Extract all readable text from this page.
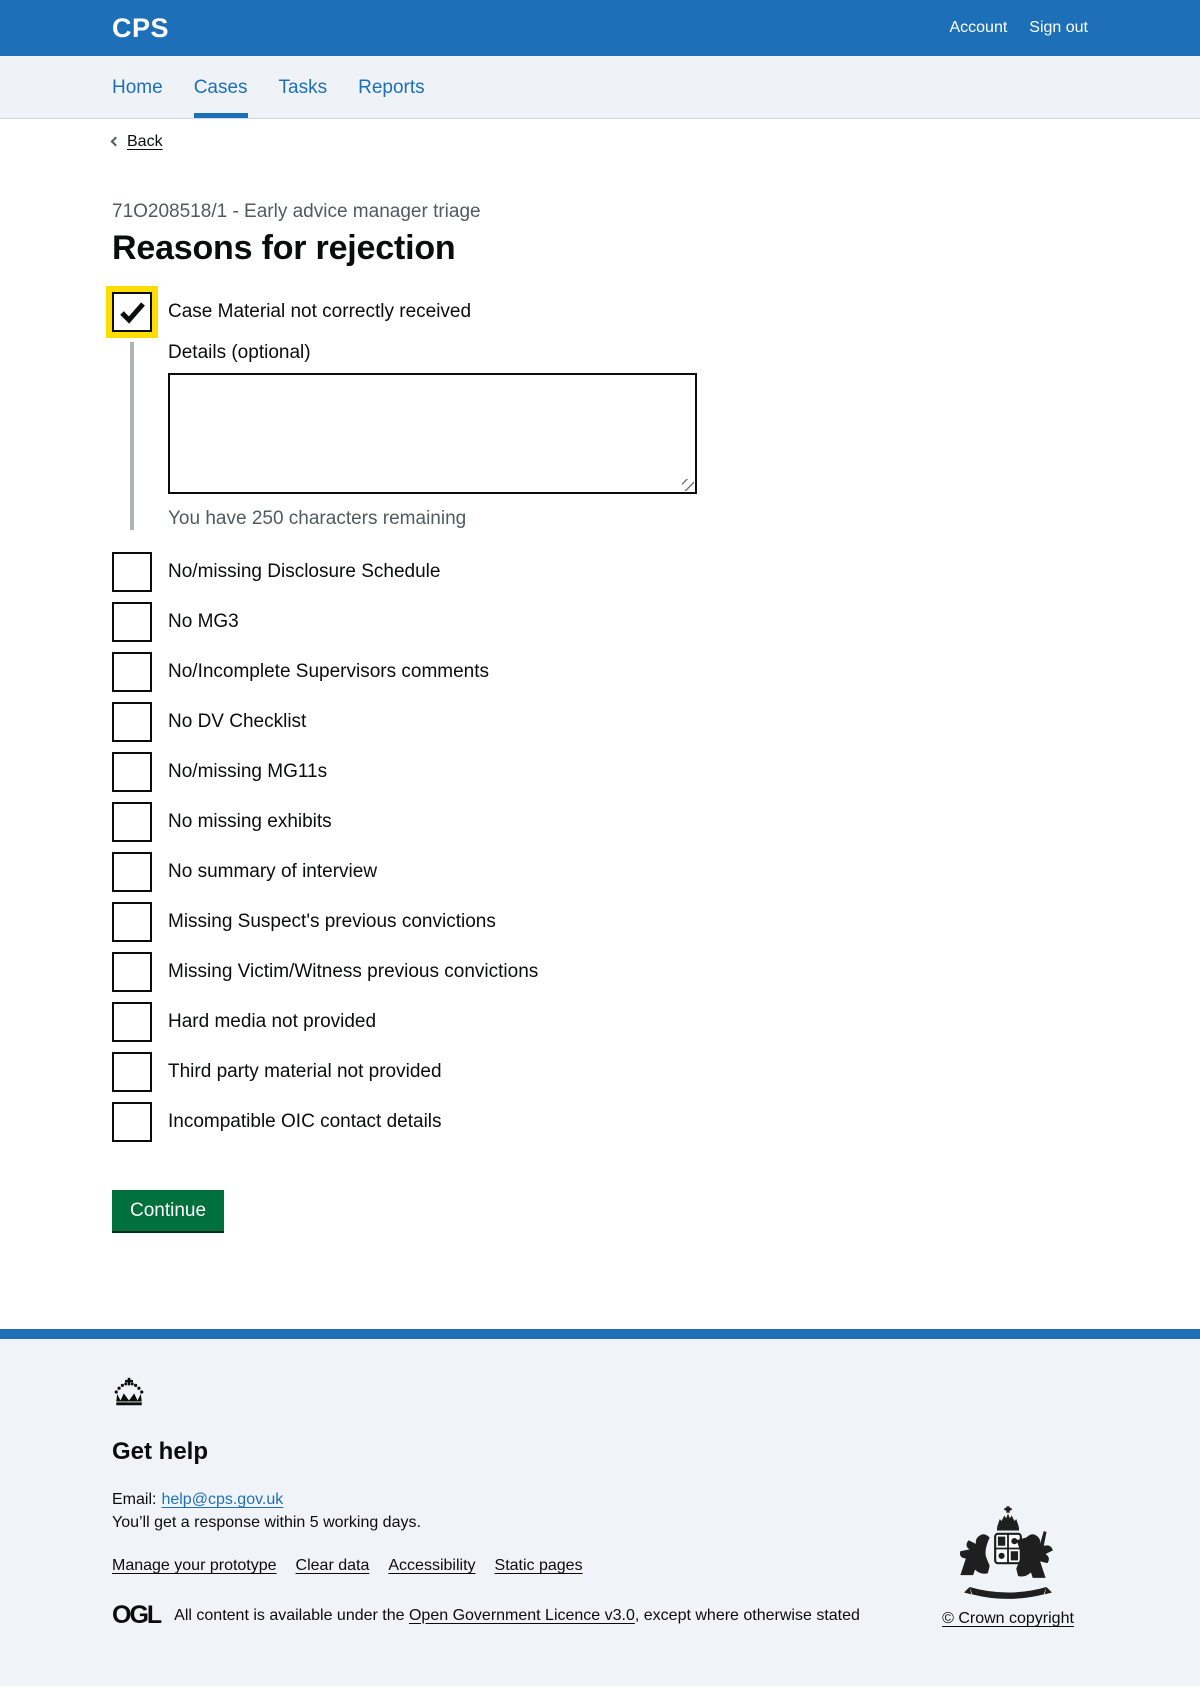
CPS	Account Sign out
Home Cases Tasks Reports
Back

71O208518/1 - Early advice manager triage

Reasons for rejection
Case Material not correctly received
Details (optional)
You have 250 characters remaining
No/missing Disclosure Schedule
No MG3
No/Incomplete Supervisors comments
No DV Checklist
No/missing MG11s
No missing exhibits
No summary of interview
Missing Suspect's previous convictions
Missing Victim/Witness previous convictions
Hard media not provided
Third party material not provided
Incompatible OIC contact details
Continue
Get help
Email: help@cps.gov.uk
You’ll get a response within 5 working days.
Manage your prototype Clear data Accessibility Static pages
OGL All content is available under the Open Government Licence v3.0, except where otherwise stated	© Crown copyright
